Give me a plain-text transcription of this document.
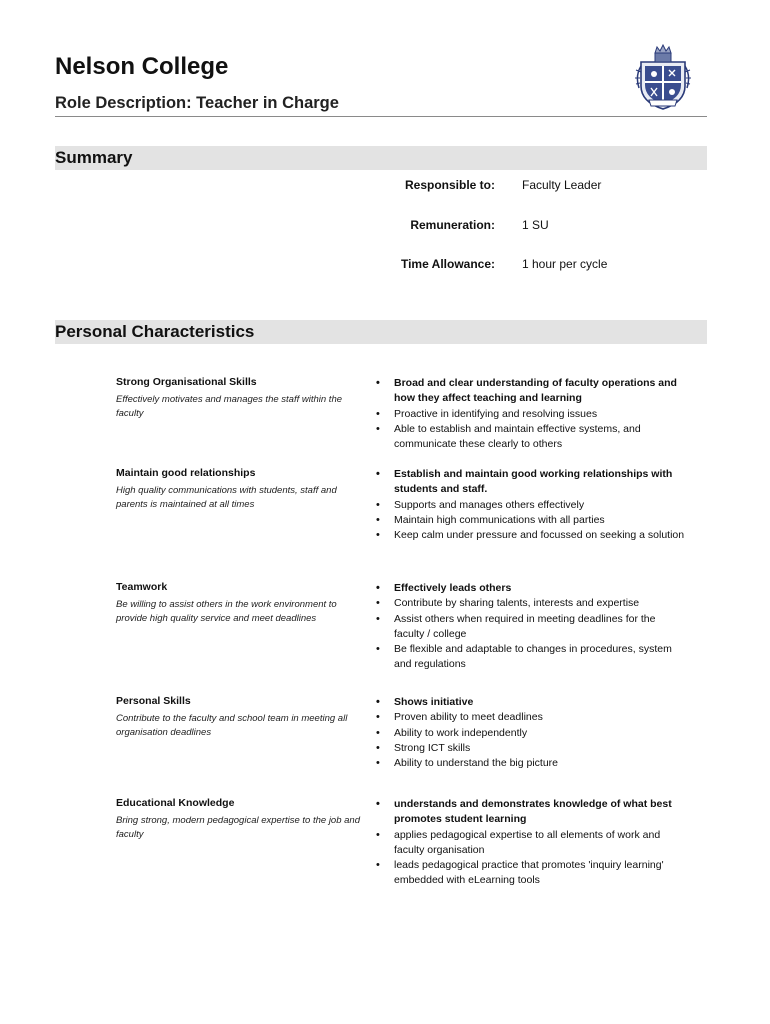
Nelson College
Role Description: Teacher in Charge
Summary
Responsible to: Faculty Leader
Remuneration: 1 SU
Time Allowance: 1 hour per cycle
Personal Characteristics
Strong Organisational Skills
Effectively motivates and manages the staff within the faculty
• Broad and clear understanding of faculty operations and how they affect teaching and learning
• Proactive in identifying and resolving issues
• Able to establish and maintain effective systems, and communicate these clearly to others
Maintain good relationships
High quality communications with students, staff and parents is maintained at all times
• Establish and maintain good working relationships with students and staff.
• Supports and manages others effectively
• Maintain high communications with all parties
• Keep calm under pressure and focussed on seeking a solution
Teamwork
Be willing to assist others in the work environment to provide high quality service and meet deadlines
• Effectively leads others
• Contribute by sharing talents, interests and expertise
• Assist others when required in meeting deadlines for the faculty / college
• Be flexible and adaptable to changes in procedures, system and regulations
Personal Skills
Contribute to the faculty and school team in meeting all organisation deadlines
• Shows initiative
• Proven ability to meet deadlines
• Ability to work independently
• Strong ICT skills
• Ability to understand the big picture
Educational Knowledge
Bring strong, modern pedagogical expertise to the job and faculty
• understands and demonstrates knowledge of what best promotes student learning
• applies pedagogical expertise to all elements of work and faculty organisation
• leads pedagogical practice that promotes 'inquiry learning' embedded with eLearning tools
